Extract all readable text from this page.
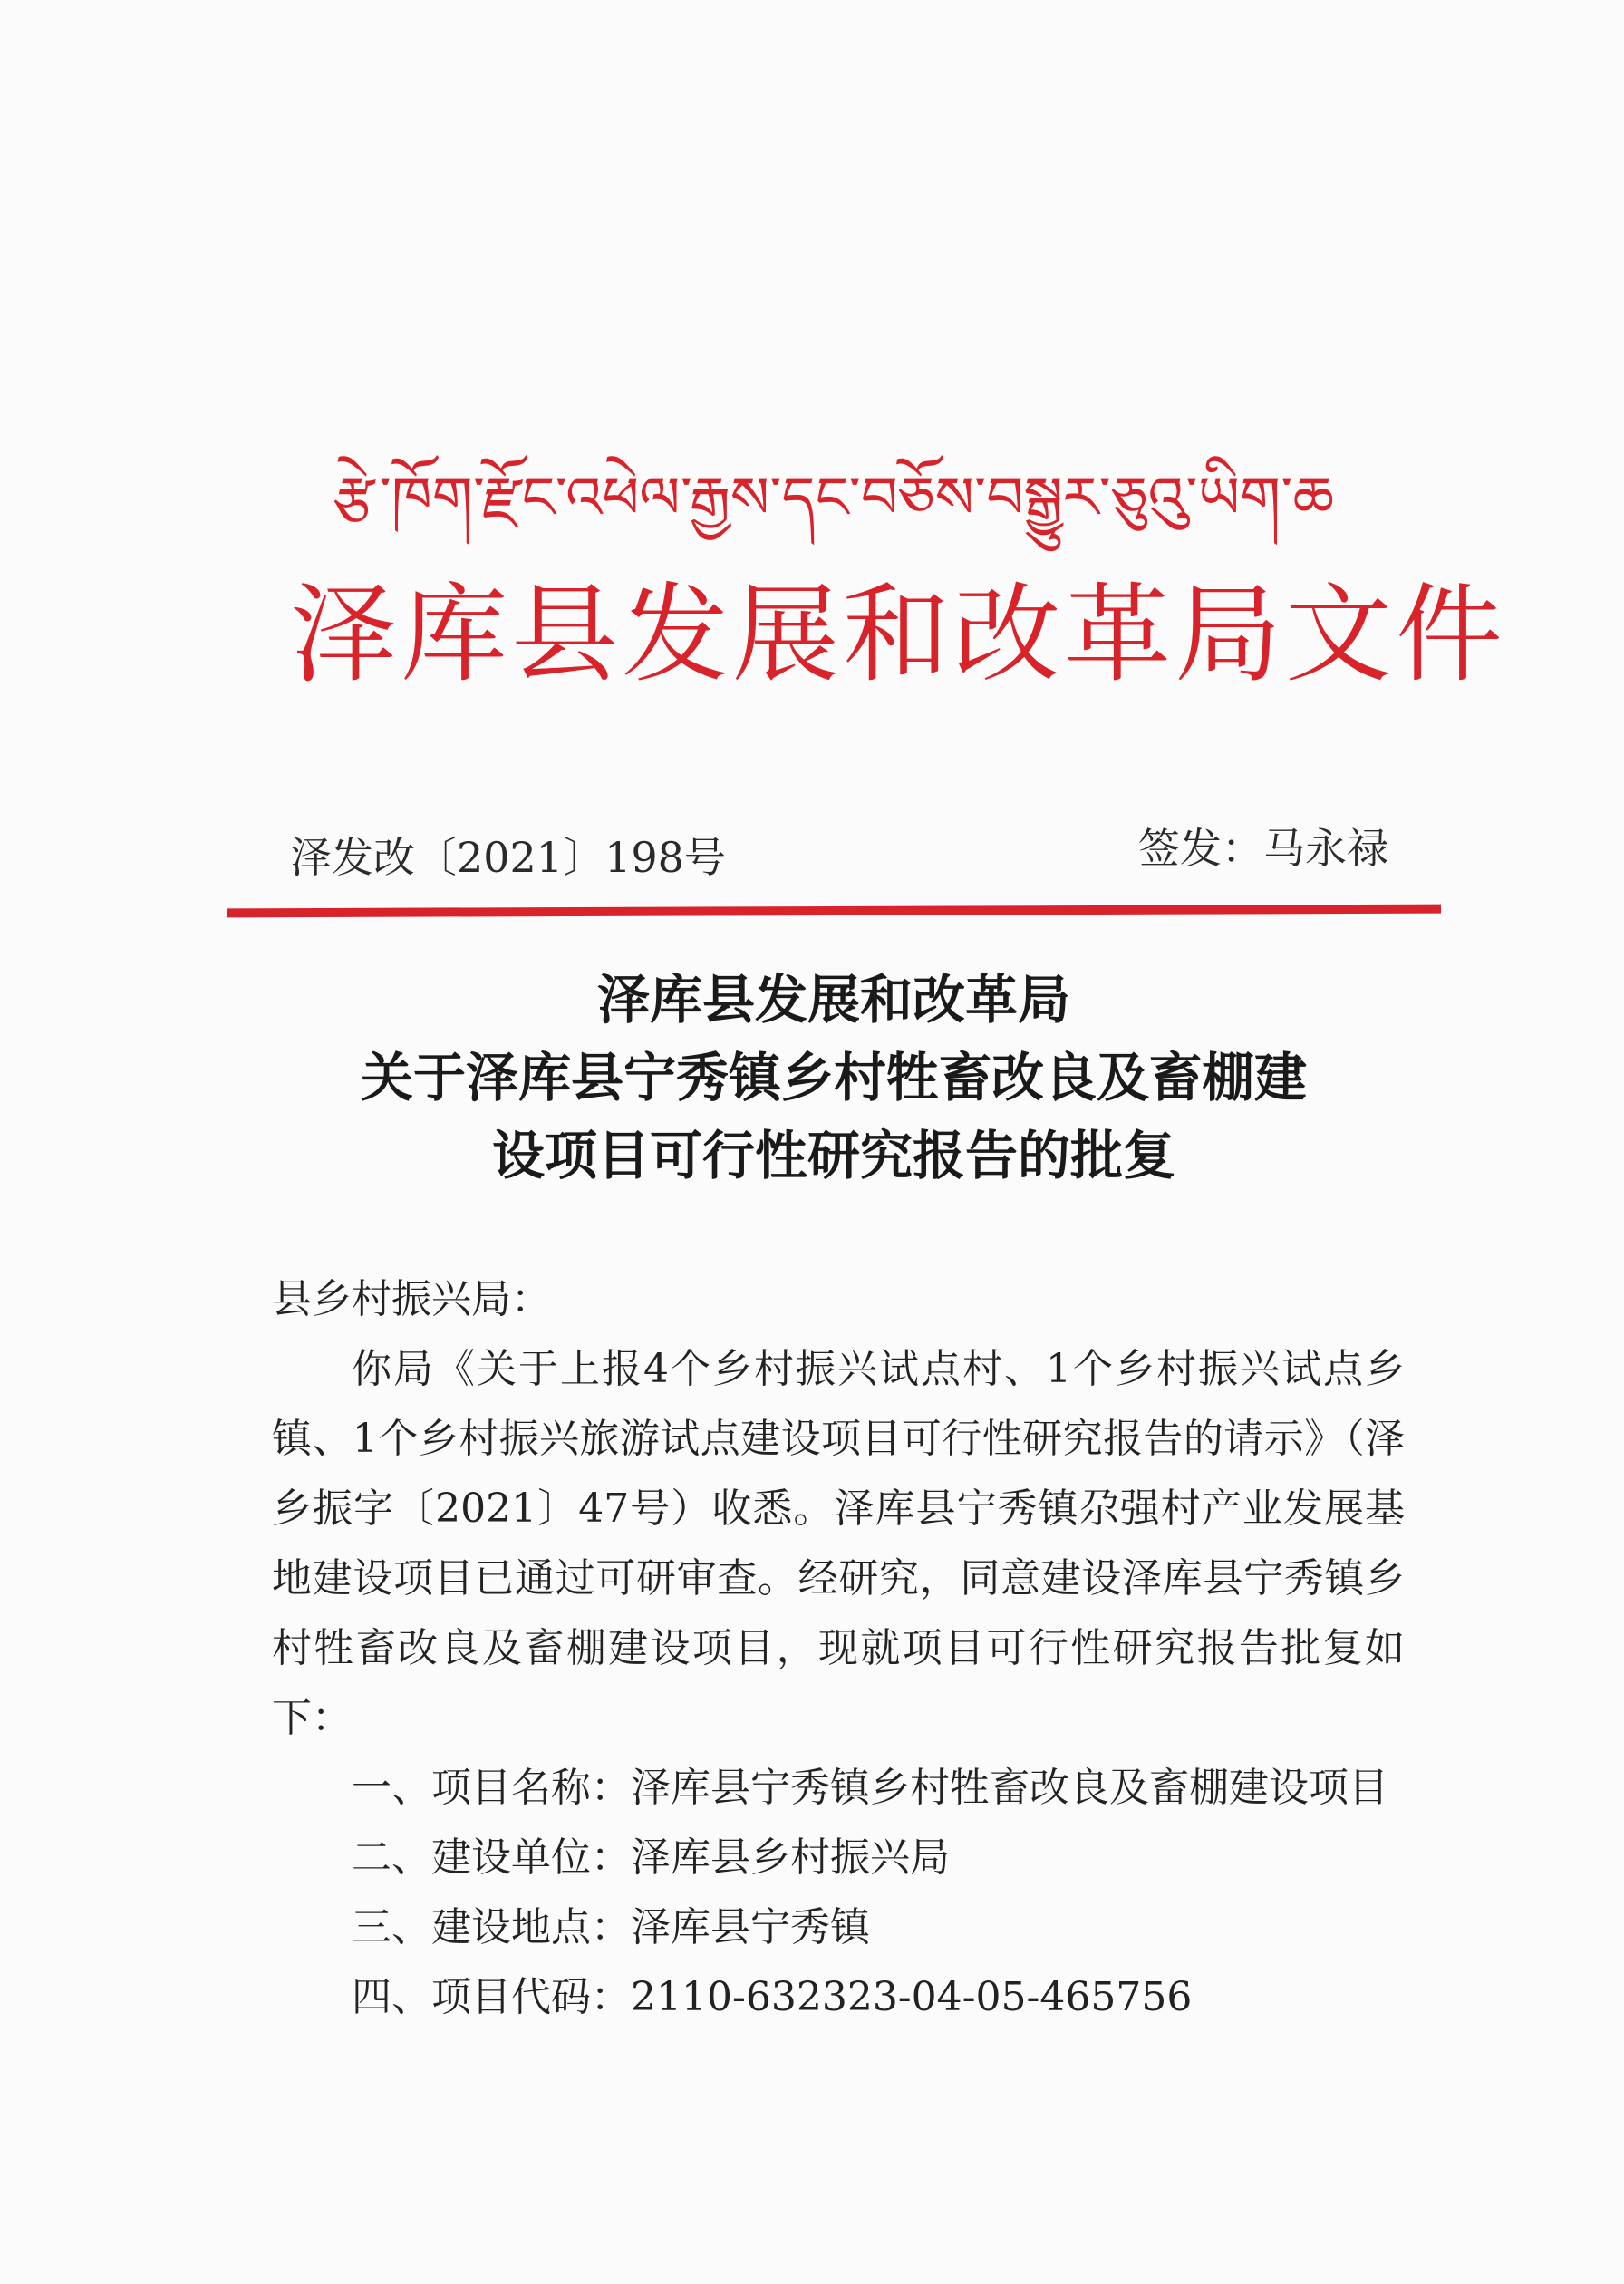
རྩེ་ཁོག་རྫོང་འཕེལ་རྒྱས་དང་བཅོས་བསྒྱུར་ཅུའུ་ཡིག་ཆ
泽库县发展和改革局文件
泽发改〔2021〕198号	签发：马永禄
泽库县发展和改革局
关于泽库县宁秀镇乡村牲畜改良及畜棚建
设项目可行性研究报告的批复
县乡村振兴局：
你局《关于上报4个乡村振兴试点村、1个乡村振兴试点乡镇、1个乡村振兴旅游试点建设项目可行性研究报告的请示》（泽乡振字〔2021〕47号）收悉。泽库县宁秀镇尕强村产业发展基地建设项目已通过可研审查。经研究，同意建设泽库县宁秀镇乡村牲畜改良及畜棚建设项目，现就项目可行性研究报告批复如下：
一、项目名称：泽库县宁秀镇乡村牲畜改良及畜棚建设项目
二、建设单位：泽库县乡村振兴局
三、建设地点：泽库县宁秀镇
四、项目代码：2110-632323-04-05-465756
